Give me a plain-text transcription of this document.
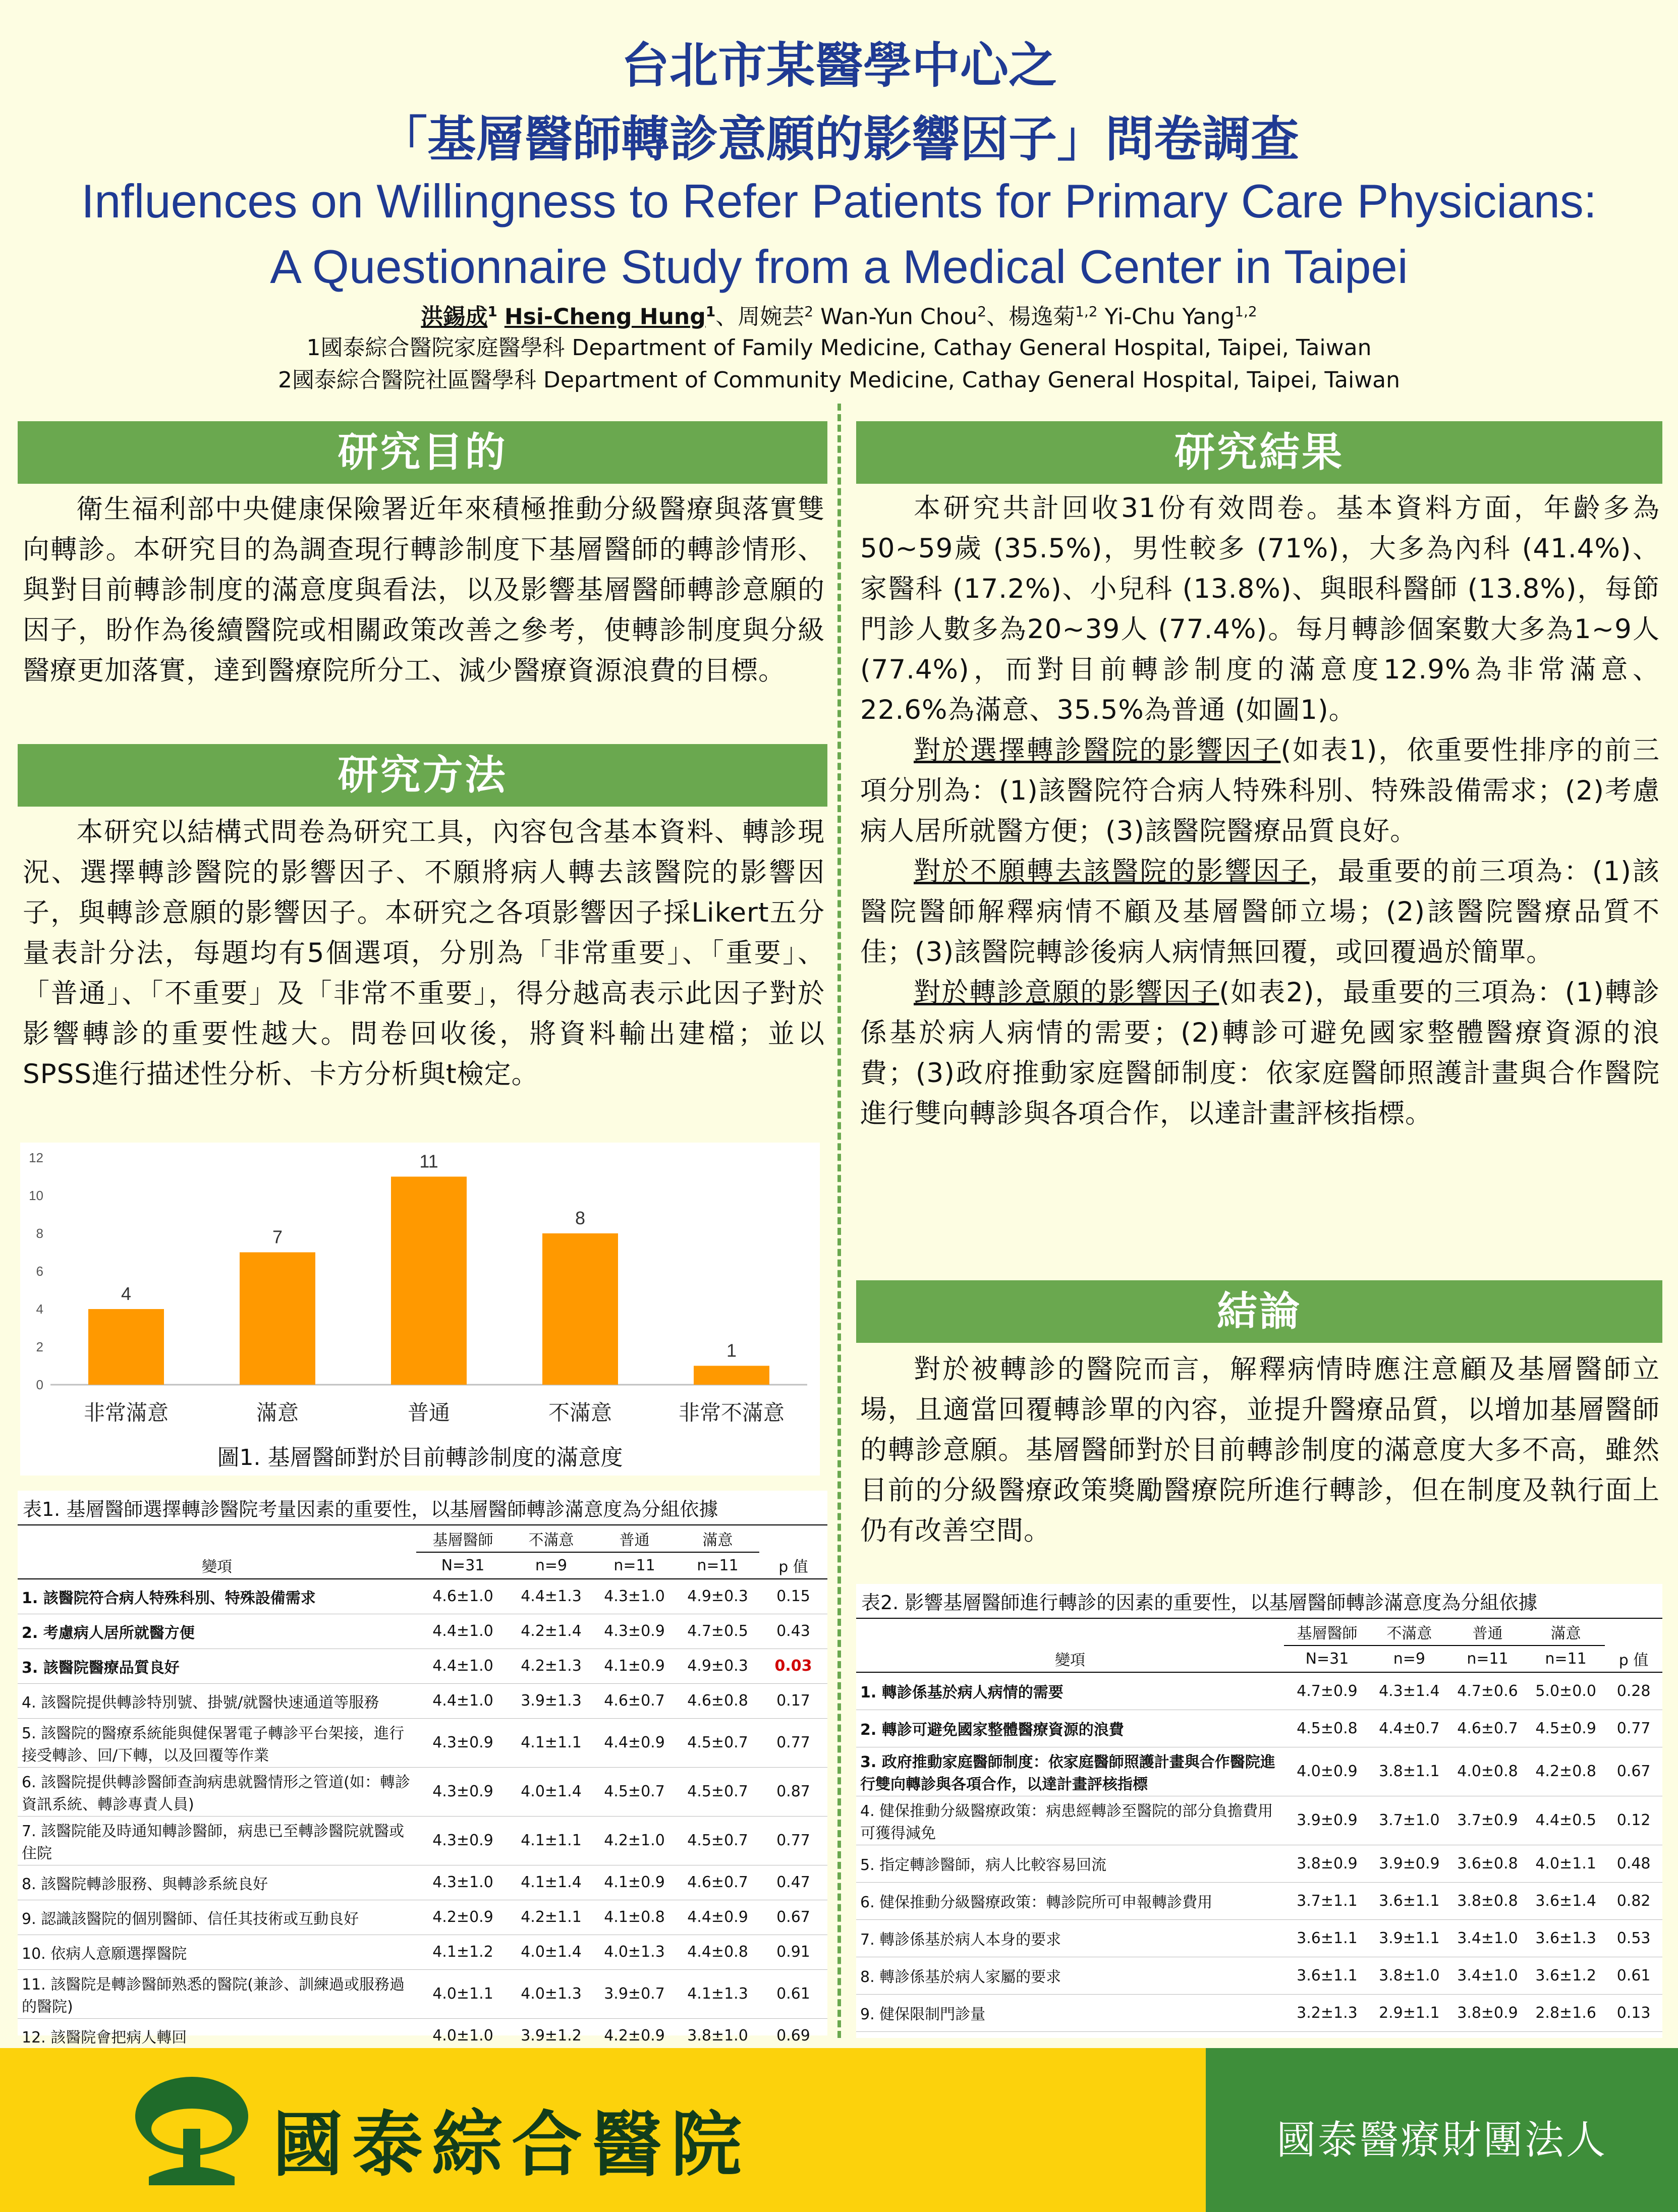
台北市某醫學中心之
「基層醫師轉診意願的影響因子」問卷調查
Influences on Willingness to Refer Patients for Primary Care Physicians:
A Questionnaire Study from a Medical Center in Taipei
洪錫成$^1$ Hsi-Cheng Hung$^1$、周婉芸$^2$ Wan-Yun Chou$^2$、楊逸菊$^{1,2}$ Yi-Chu Yang$^{1,2}$
1國泰綜合醫院家庭醫學科 Department of Family Medicine, Cathay General Hospital, Taipei, Taiwan
2國泰綜合醫院社區醫學科 Department of Community Medicine, Cathay General Hospital, Taipei, Taiwan
研究目的

衛生福利部中央健康保險署近年來積極推動分級醫療與落實雙向轉診。本研究目的為調查現行轉診制度下基層醫師的轉診情形、與對目前轉診制度的滿意度與看法，以及影響基層醫師轉診意願的因子，盼作為後續醫院或相關政策改善之參考，使轉診制度與分級醫療更加落實，達到醫療院所分工、減少醫療資源浪費的目標。

研究方法

本研究以結構式問卷為研究工具，內容包含基本資料、轉診現況、選擇轉診醫院的影響因子、不願將病人轉去該醫院的影響因子，與轉診意願的影響因子。本研究之各項影響因子採Likert五分量表計分法，每題均有5個選項，分別為「非常重要」、「重要」、「普通」、「不重要」及「非常不重要」，得分越高表示此因子對於影響轉診的重要性越大。問卷回收後，將資料輸出建檔；並以SPSS進行描述性分析、卡方分析與t檢定。

0
2
4
6
8
10
12
非常滿意	滿意	普通	不滿意	非常不滿意
4
7
11
8
1
圖1. 基層醫師對於目前轉診制度的滿意度
表1. 基層醫師選擇轉診醫院考量因素的重要性，以基層醫師轉診滿意度為分組依據
變項	基層醫師	不滿意	普通	滿意	
	N=31	n=9	n=11	n=11	p 值
1. 該醫院符合病人特殊科別、特殊設備需求	4.6±1.0	4.4±1.3	4.3±1.0	4.9±0.3	0.15
2. 考慮病人居所就醫方便	4.4±1.0	4.2±1.4	4.3±0.9	4.7±0.5	0.43
3. 該醫院醫療品質良好	4.4±1.0	4.2±1.3	4.1±0.9	4.9±0.3	0.03
4. 該醫院提供轉診特別號、掛號/就醫快速通道等服務	4.4±1.0	3.9±1.3	4.6±0.7	4.6±0.8	0.17
5. 該醫院的醫療系統能與健保署電子轉診平台架接，進行接受轉診、回/下轉，以及回覆等作業	4.3±0.9	4.1±1.1	4.4±0.9	4.5±0.7	0.77
6. 該醫院提供轉診醫師查詢病患就醫情形之管道(如：轉診資訊系統、轉診專責人員)	4.3±0.9	4.0±1.4	4.5±0.7	4.5±0.7	0.87
7. 該醫院能及時通知轉診醫師，病患已至轉診醫院就醫或住院	4.3±0.9	4.1±1.1	4.2±1.0	4.5±0.7	0.77
8. 該醫院轉診服務、與轉診系統良好	4.3±1.0	4.1±1.4	4.1±0.9	4.6±0.7	0.47
9. 認識該醫院的個別醫師、信任其技術或互動良好	4.2±0.9	4.2±1.1	4.1±0.8	4.4±0.9	0.67
10. 依病人意願選擇醫院	4.1±1.2	4.0±1.4	4.0±1.3	4.4±0.8	0.91
11. 該醫院是轉診醫師熟悉的醫院(兼診、訓練過或服務過的醫院)	4.0±1.1	4.0±1.3	3.9±0.7	4.1±1.3	0.61
12. 該醫院會把病人轉回	4.0±1.0	3.9±1.2	4.2±0.9	3.8±1.0	0.69
研究結果

本研究共計回收31份有效問卷。基本資料方面，年齡多為50~59歲 (35.5%)，男性較多 (71%)，大多為內科 (41.4%)、家醫科 (17.2%)、小兒科 (13.8%)、與眼科醫師 (13.8%)，每節門診人數多為20~39人 (77.4%)。每月轉診個案數大多為1~9人 (77.4%)，而對目前轉診制度的滿意度12.9%為非常滿意、22.6%為滿意、35.5%為普通 (如圖1)。

對於選擇轉診醫院的影響因子(如表1)，依重要性排序的前三項分別為：(1)該醫院符合病人特殊科別、特殊設備需求；(2)考慮病人居所就醫方便；(3)該醫院醫療品質良好。

對於不願轉去該醫院的影響因子，最重要的前三項為：(1)該醫院醫師解釋病情不顧及基層醫師立場；(2)該醫院醫療品質不佳；(3)該醫院轉診後病人病情無回覆，或回覆過於簡單。

對於轉診意願的影響因子(如表2)，最重要的三項為：(1)轉診係基於病人病情的需要；(2)轉診可避免國家整體醫療資源的浪費；(3)政府推動家庭醫師制度：依家庭醫師照護計畫與合作醫院進行雙向轉診與各項合作，以達計畫評核指標。

結論

對於被轉診的醫院而言，解釋病情時應注意顧及基層醫師立場，且適當回覆轉診單的內容，並提升醫療品質，以增加基層醫師的轉診意願。基層醫師對於目前轉診制度的滿意度大多不高，雖然目前的分級醫療政策獎勵醫療院所進行轉診，但在制度及執行面上仍有改善空間。

表2. 影響基層醫師進行轉診的因素的重要性，以基層醫師轉診滿意度為分組依據
變項	基層醫師	不滿意	普通	滿意	
	N=31	n=9	n=11	n=11	p 值
1. 轉診係基於病人病情的需要	4.7±0.9	4.3±1.4	4.7±0.6	5.0±0.0	0.28
2. 轉診可避免國家整體醫療資源的浪費	4.5±0.8	4.4±0.7	4.6±0.7	4.5±0.9	0.77
3. 政府推動家庭醫師制度：依家庭醫師照護計畫與合作醫院進行雙向轉診與各項合作，以達計畫評核指標	4.0±0.9	3.8±1.1	4.0±0.8	4.2±0.8	0.67
4. 健保推動分級醫療政策：病患經轉診至醫院的部分負擔費用可獲得減免	3.9±0.9	3.7±1.0	3.7±0.9	4.4±0.5	0.12
5. 指定轉診醫師，病人比較容易回流	3.8±0.9	3.9±0.9	3.6±0.8	4.0±1.1	0.48
6. 健保推動分級醫療政策：轉診院所可申報轉診費用	3.7±1.1	3.6±1.1	3.8±0.8	3.6±1.4	0.82
7. 轉診係基於病人本身的要求	3.6±1.1	3.9±1.1	3.4±1.0	3.6±1.3	0.53
8. 轉診係基於病人家屬的要求	3.6±1.1	3.8±1.0	3.4±1.0	3.6±1.2	0.61
9. 健保限制門診量	3.2±1.3	2.9±1.1	3.8±0.9	2.8±1.6	0.13
國泰綜合醫院	國泰醫療財團法人
